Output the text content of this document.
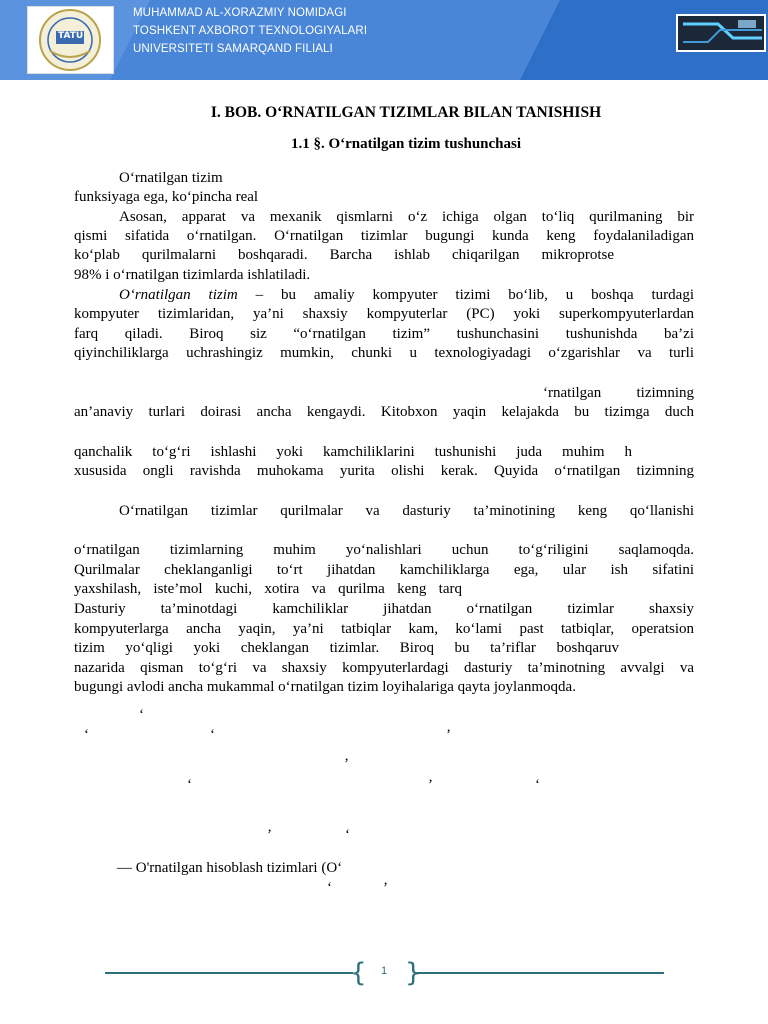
TATU
MUHAMMAD AL-XORAZMIY NOMIDAGI
TOSHKENT AXBOROT TEXNOLOGIYALARI
UNIVERSITETI SAMARQAND FILIALI
I. BOB. O‘RNATILGAN TIZIMLAR BILAN TANISHISH
1.1 §. O‘rnatilgan tizim tushunchasi
O‘rnatilgan tizim
funksiyaga ega, ko‘pincha real
Asosan, apparat va mexanik qismlarni o‘z ichiga olgan to‘liq qurilmaning bir
qismi sifatida o‘rnatilgan. O‘rnatilgan tizimlar bugungi kunda keng foydalaniladigan
ko‘plab qurilmalarni boshqaradi. Barcha ishlab chiqarilgan mikroprotse
98% i o‘rnatilgan tizimlarda ishlatiladi.
O‘rnatilgan tizim – bu amaliy kompyuter tizimi bo‘lib, u boshqa turdagi
kompyuter tizimlaridan, ya’ni shaxsiy kompyuterlar (PC) yoki superkompyuterlardan
farq qiladi. Biroq siz “o‘rnatilgan tizim” tushunchasini tushunishda ba’zi
qiyinchiliklarga uchrashingiz mumkin, chunki u texnologiyadagi o‘zgarishlar va turli
‘rnatilgan tizimning
an’anaviy turlari doirasi ancha kengaydi. Kitobxon yaqin kelajakda bu tizimga duch
qanchalik to‘g‘ri ishlashi yoki kamchiliklarini tushunishi juda muhim h
xususida ongli ravishda muhokama yurita olishi kerak. Quyida o‘rnatilgan tizimning
O‘rnatilgan tizimlar qurilmalar va dasturiy ta’minotining keng qo‘llanishi
o‘rnatilgan tizimlarning muhim yo‘nalishlari uchun to‘g‘riligini saqlamoqda.
Qurilmalar cheklanganligi to‘rt jihatdan kamchiliklarga ega, ular ish sifatini
yaxshilash, iste’mol kuchi, xotira va qurilma keng tarq
Dasturiy ta’minotdagi kamchiliklar jihatdan o‘rnatilgan tizimlar shaxsiy
kompyuterlarga ancha yaqin, ya’ni tatbiqlar kam, ko‘lami past tatbiqlar, operatsion
tizim yo‘qligi yoki cheklangan tizimlar. Biroq bu ta’riflar boshqaruv
nazarida qisman to‘g‘ri va shaxsiy kompyuterlardagi dasturiy ta’minotning avvalgi va
bugungi avlodi ancha mukammal o‘rnatilgan tizim loyihalariga qayta joylanmoqda.
‘
‘	‘	’
’
‘	’	‘
’	‘
— O'rnatilgan hisoblash tizimlari (O‘
‘	’
{ }
1
